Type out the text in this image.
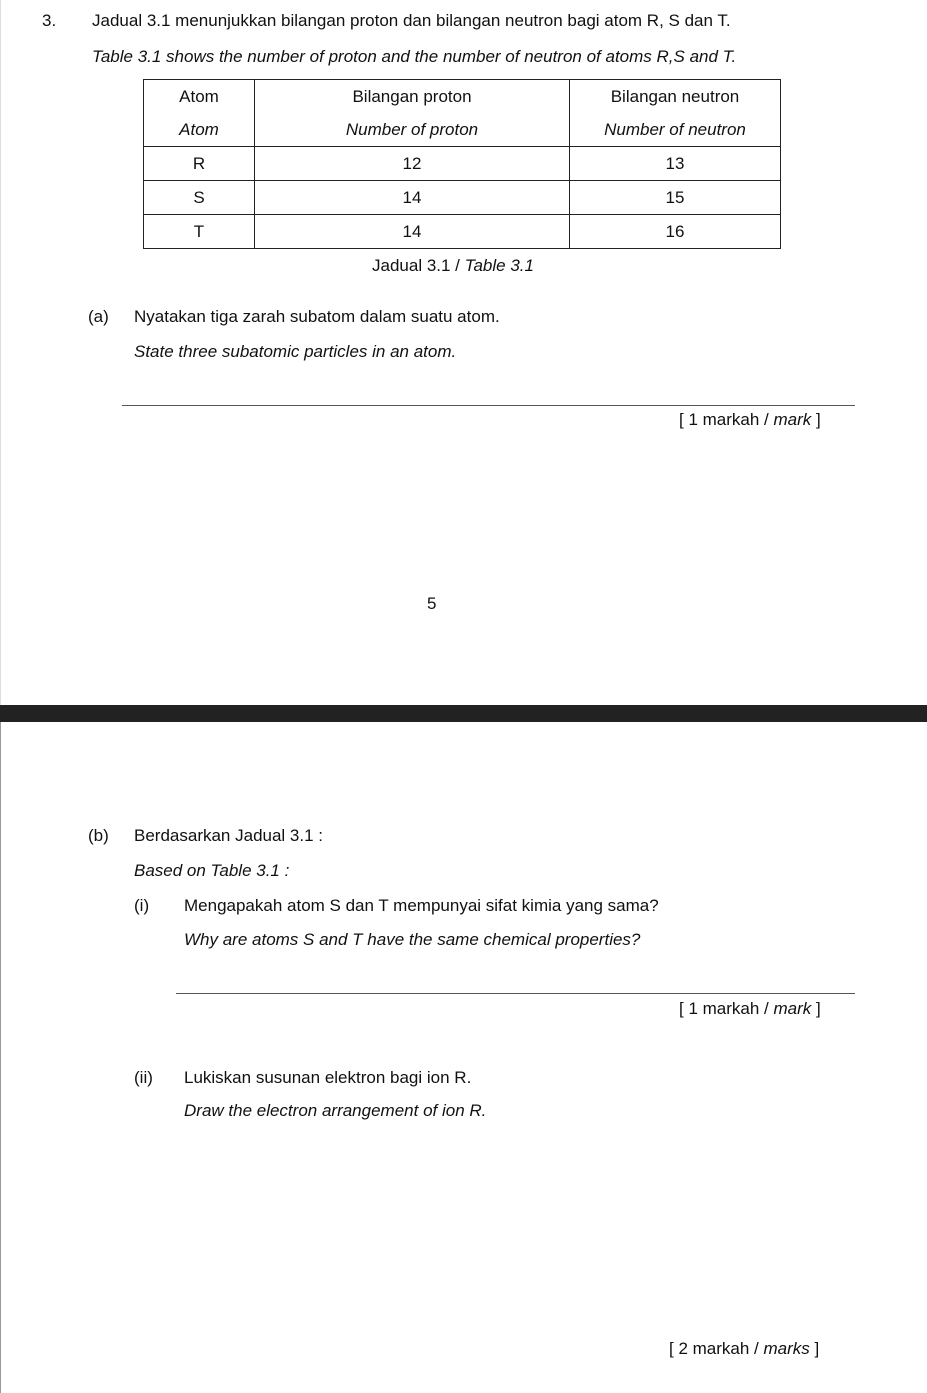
3. Jadual 3.1 menunjukkan bilangan proton dan bilangan neutron bagi atom R, S dan T.
Table 3.1 shows the number of proton and the number of neutron of atoms R,S and T.
Atom	Bilangan proton	Bilangan neutron
Atom	Number of proton	Number of neutron
R	12	13
S	14	15
T	14	16
Jadual 3.1 / Table 3.1
(a) Nyatakan tiga zarah subatom dalam suatu atom.
State three subatomic particles in an atom.
[ 1 markah / mark ]
5
(b) Berdasarkan Jadual 3.1 :
Based on Table 3.1 :
(i) Mengapakah atom S dan T mempunyai sifat kimia yang sama?
Why are atoms S and T have the same chemical properties?
[ 1 markah / mark ]
(ii) Lukiskan susunan elektron bagi ion R.
Draw the electron arrangement of ion R.
[ 2 markah / marks ]
